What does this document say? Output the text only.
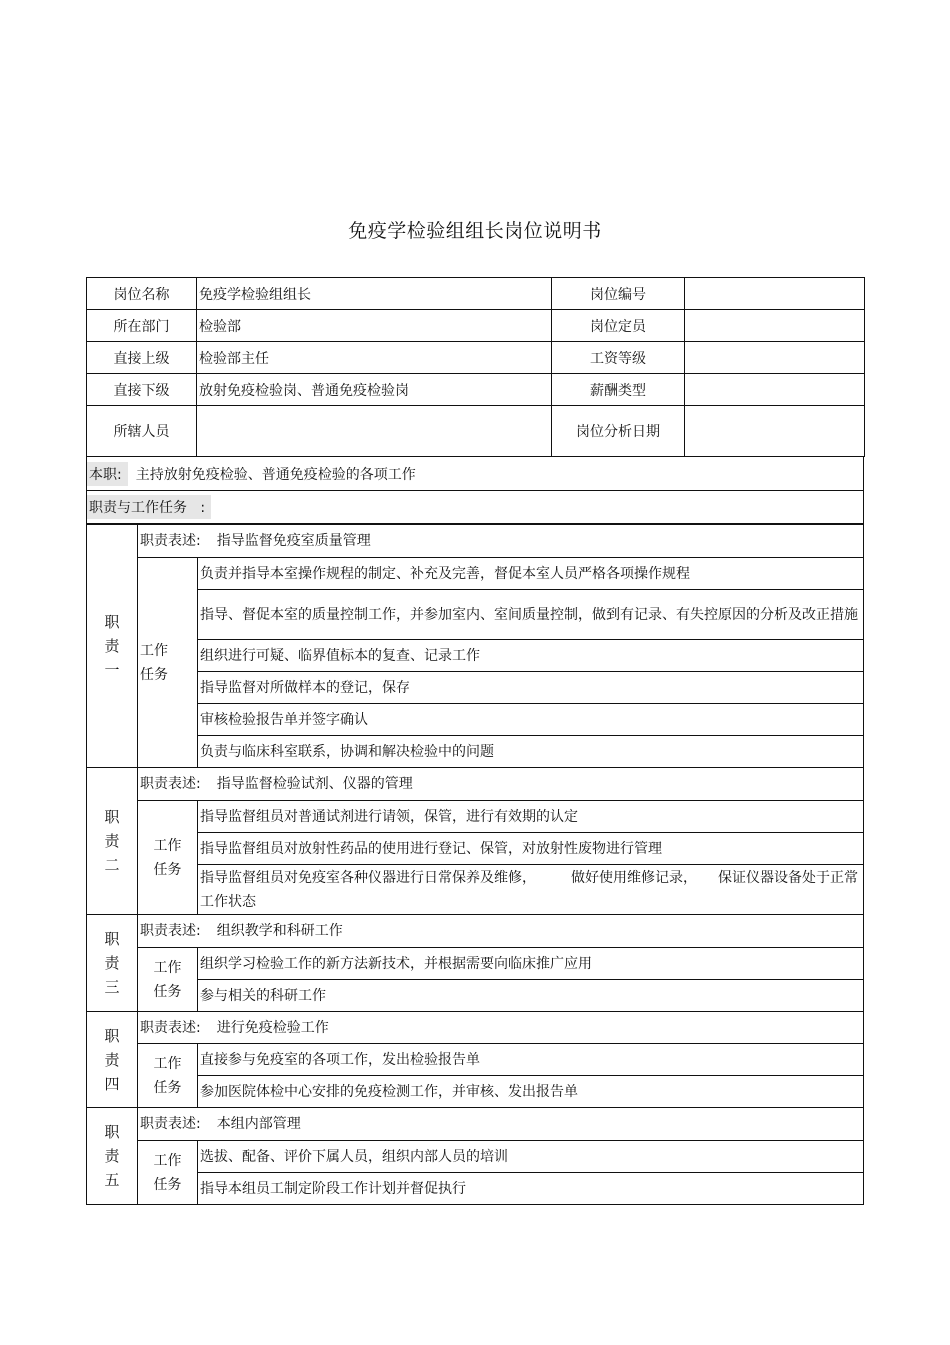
免疫学检验组组长岗位说明书
岗位名称	免疫学检验组组长	岗位编号	
所在部门	检验部	岗位定员	
直接上级	检验部主任	工资等级	
直接下级	放射免疫检验岗、普通免疫检验岗	薪酬类型	
所辖人员		岗位分析日期	
本职:	主持放射免疫检验、普通免疫检验的各项工作
职责与工作任务 :
职
责
一	职责表述: 指导监督免疫室质量管理	

	工作
任务	负责并指导本室操作规程的制定、补充及完善，督促本室人员严格各项操作规程
		指导、督促本室的质量控制工作，并参加室内、室间质量控制，做到有记录、有失控原因的分析及改正措施
		组织进行可疑、临界值标本的复查、记录工作
		指导监督对所做样本的登记，保存
		审核检验报告单并签字确认
		负责与临床科室联系，协调和解决检验中的问题

职
责
二	职责表述: 指导监督检验试剂、仪器的管理	

	工作
任务	指导监督组员对普通试剂进行请领，保管，进行有效期的认定
		指导监督组员对放射性药品的使用进行登记、保管，对放射性废物进行管理
		指导监督组员对免疫室各种仪器进行日常保养及维修，　　　做好使用维修记录，　　保证仪器设备处于正常工作状态

职
责
三	职责表述: 组织教学和科研工作	

	工作
任务	组织学习检验工作的新方法新技术，并根据需要向临床推广应用
		参与相关的科研工作

职
责
四	职责表述: 进行免疫检验工作	

	工作
任务	直接参与免疫室的各项工作，发出检验报告单
		参加医院体检中心安排的免疫检测工作，并审核、发出报告单

职
责
五	职责表述: 本组内部管理	

	工作
任务	选拔、配备、评价下属人员，组织内部人员的培训
		指导本组员工制定阶段工作计划并督促执行
